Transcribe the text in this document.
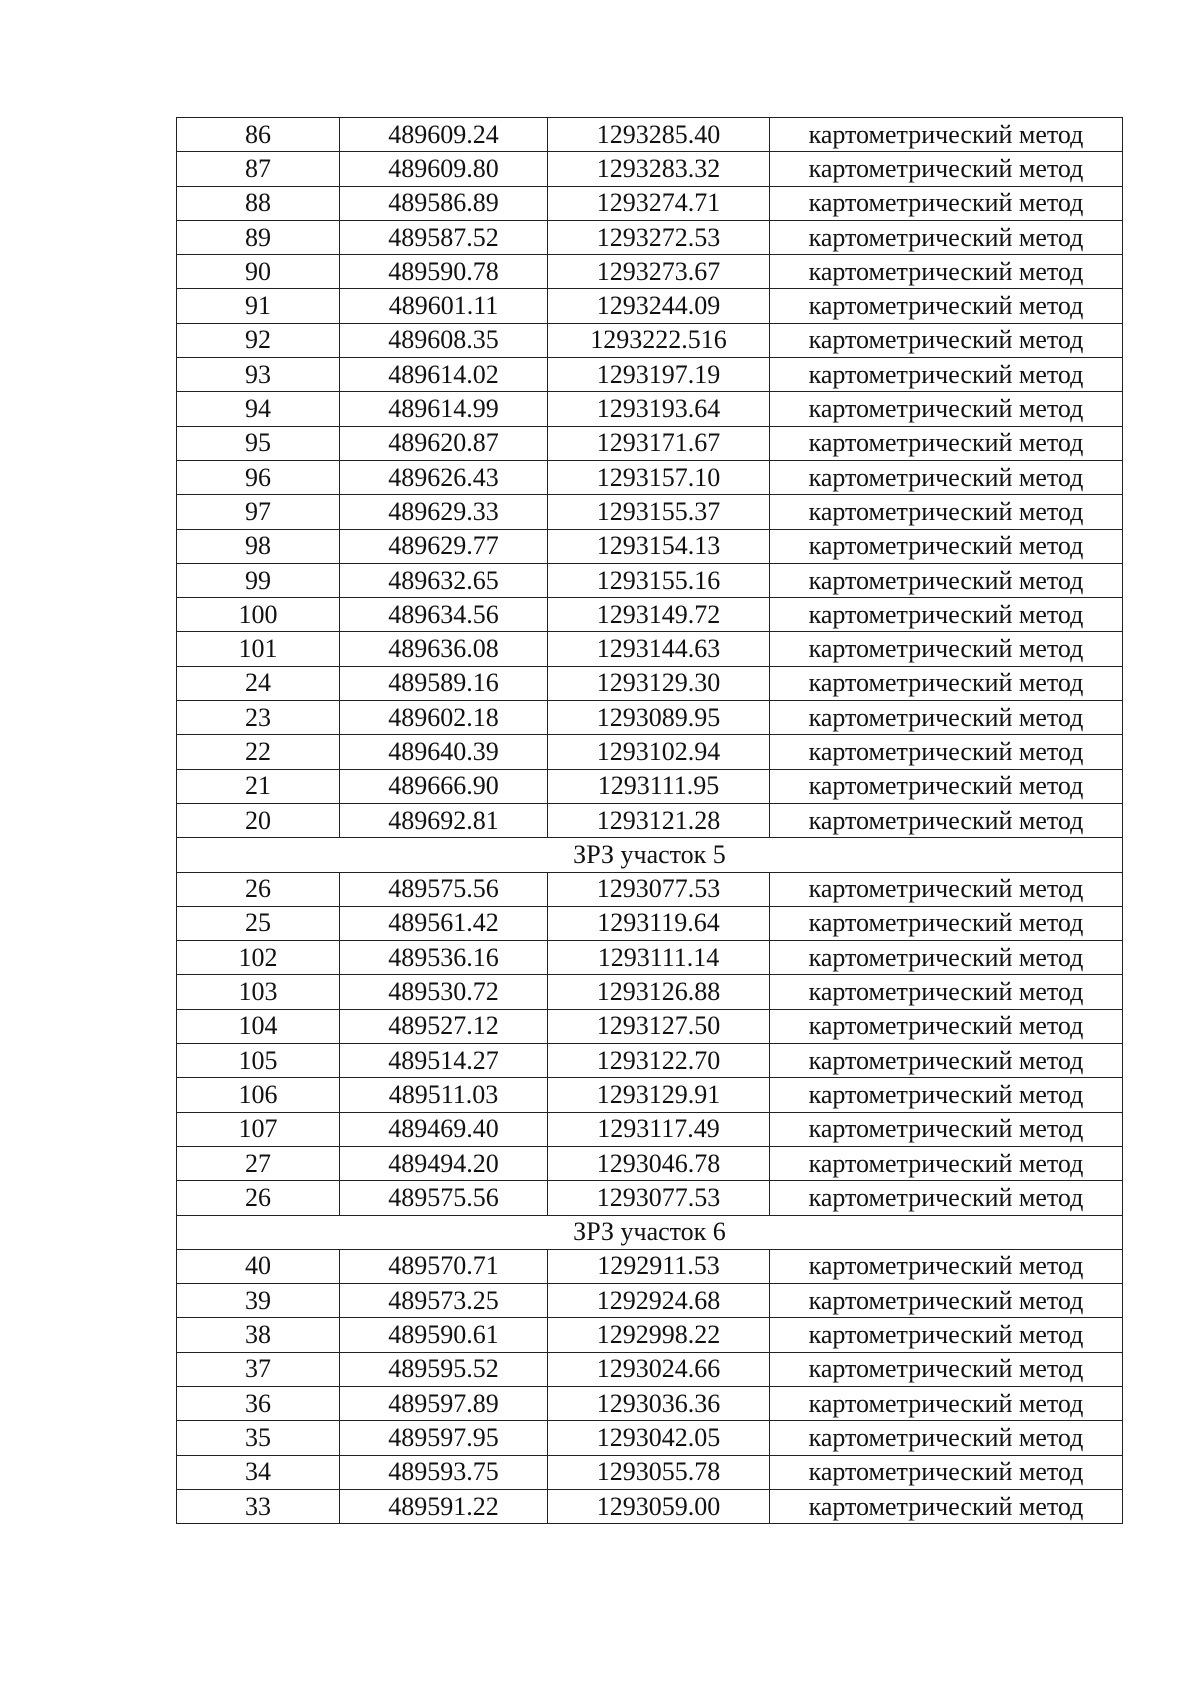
86	489609.24	1293285.40	картометрический метод
87	489609.80	1293283.32	картометрический метод
88	489586.89	1293274.71	картометрический метод
89	489587.52	1293272.53	картометрический метод
90	489590.78	1293273.67	картометрический метод
91	489601.11	1293244.09	картометрический метод
92	489608.35	1293222.516	картометрический метод
93	489614.02	1293197.19	картометрический метод
94	489614.99	1293193.64	картометрический метод
95	489620.87	1293171.67	картометрический метод
96	489626.43	1293157.10	картометрический метод
97	489629.33	1293155.37	картометрический метод
98	489629.77	1293154.13	картометрический метод
99	489632.65	1293155.16	картометрический метод
100	489634.56	1293149.72	картометрический метод
101	489636.08	1293144.63	картометрический метод
24	489589.16	1293129.30	картометрический метод
23	489602.18	1293089.95	картометрический метод
22	489640.39	1293102.94	картометрический метод
21	489666.90	1293111.95	картометрический метод
20	489692.81	1293121.28	картометрический метод
ЗРЗ участок 5			
26	489575.56	1293077.53	картометрический метод
25	489561.42	1293119.64	картометрический метод
102	489536.16	1293111.14	картометрический метод
103	489530.72	1293126.88	картометрический метод
104	489527.12	1293127.50	картометрический метод
105	489514.27	1293122.70	картометрический метод
106	489511.03	1293129.91	картометрический метод
107	489469.40	1293117.49	картометрический метод
27	489494.20	1293046.78	картометрический метод
26	489575.56	1293077.53	картометрический метод
ЗРЗ участок 6			
40	489570.71	1292911.53	картометрический метод
39	489573.25	1292924.68	картометрический метод
38	489590.61	1292998.22	картометрический метод
37	489595.52	1293024.66	картометрический метод
36	489597.89	1293036.36	картометрический метод
35	489597.95	1293042.05	картометрический метод
34	489593.75	1293055.78	картометрический метод
33	489591.22	1293059.00	картометрический метод
